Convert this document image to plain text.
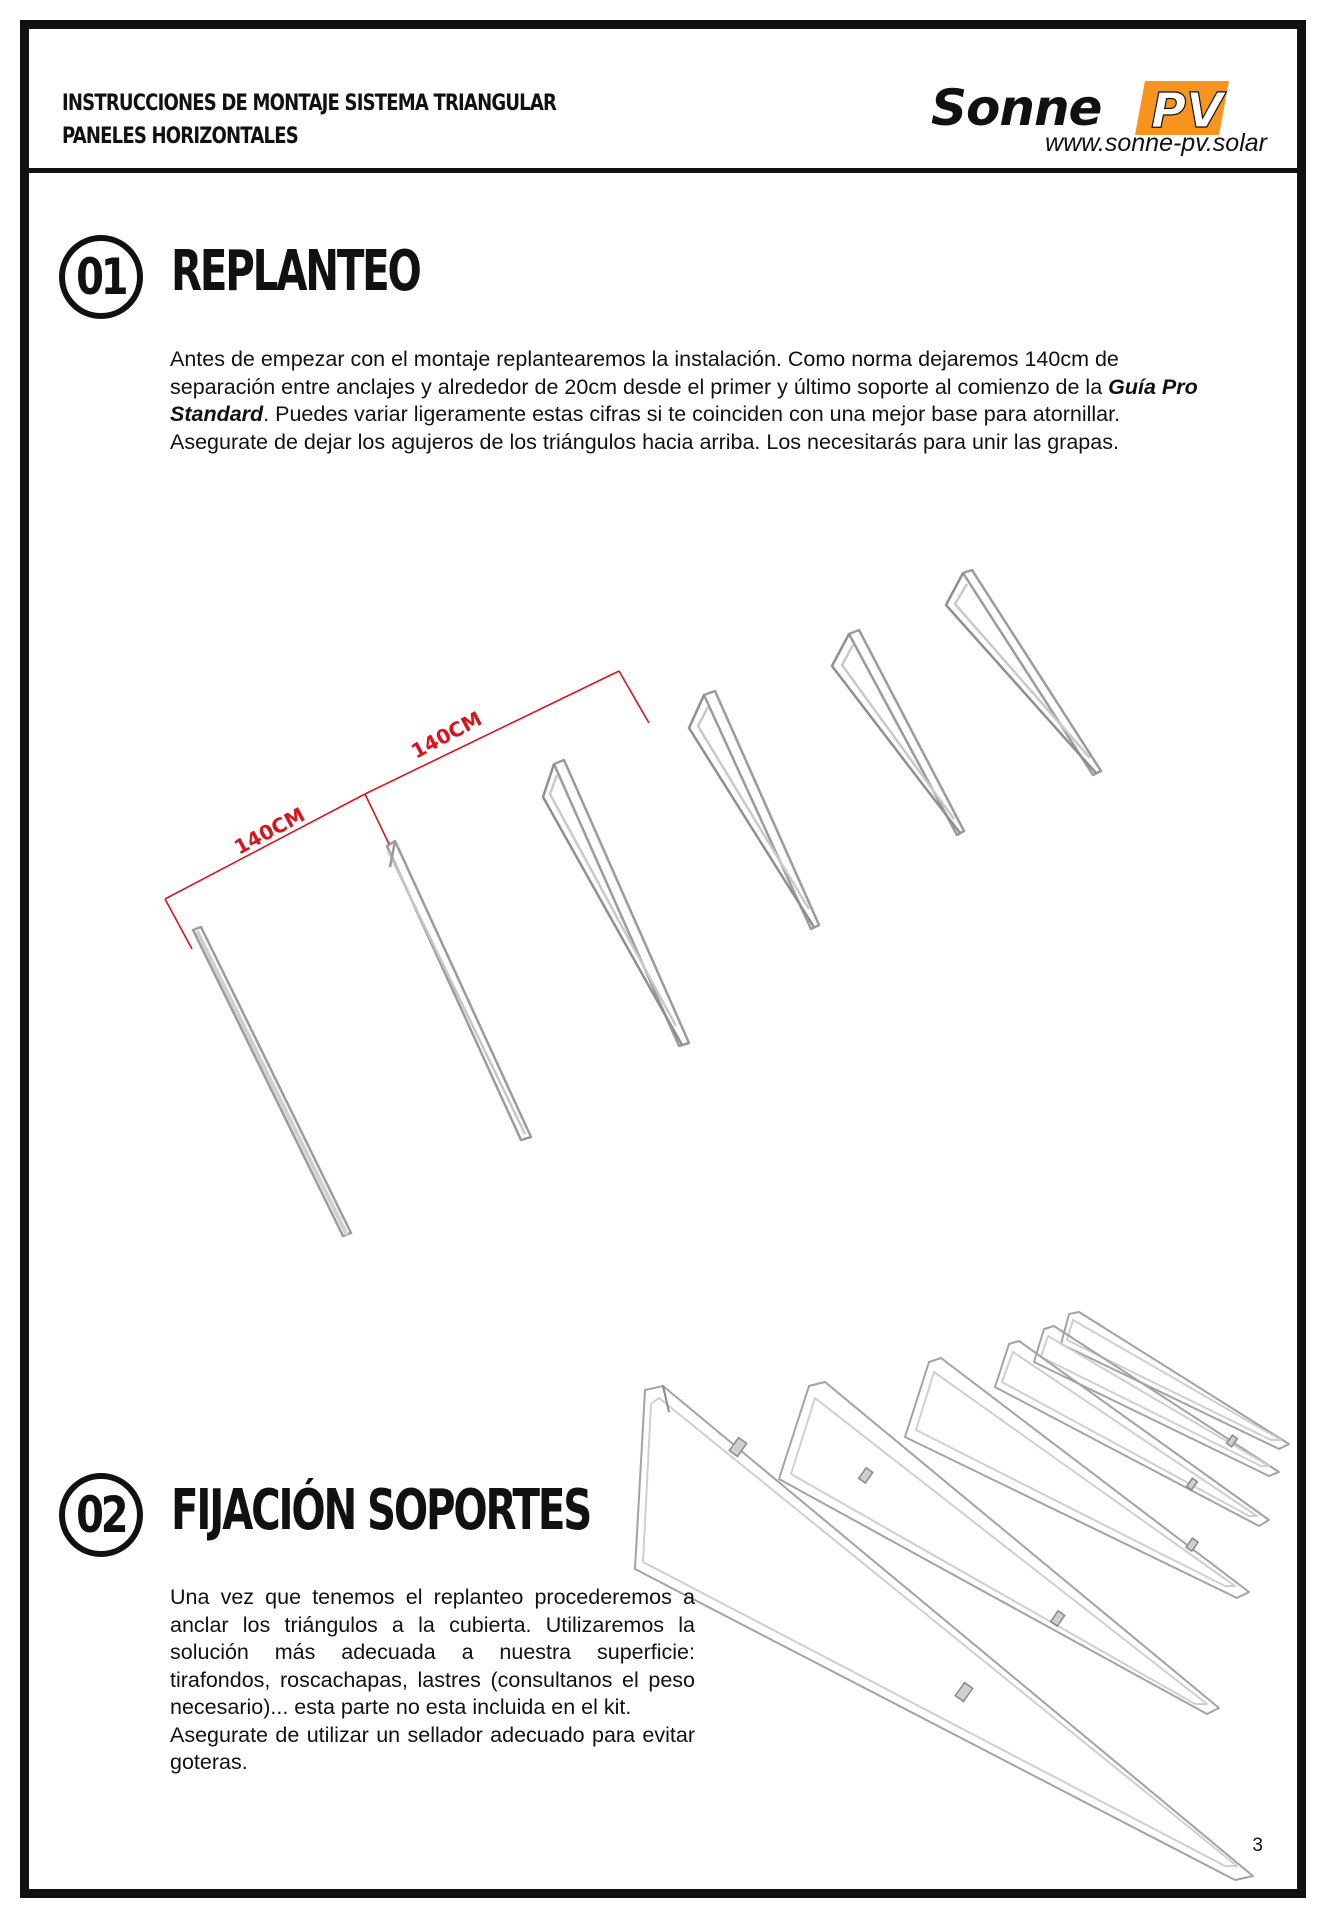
INSTRUCCIONES DE MONTAJE SISTEMA TRIANGULAR
PANELES HORIZONTALES	Sonne PV
www.sonne-pv.solar
01 REPLANTEO

Antes de empezar con el montaje replantearemos la instalación. Como norma dejaremos 140cm de separación entre anclajes y alrededor de 20cm desde el primer y último soporte al comienzo de la Guía Pro Standard. Puedes variar ligeramente estas cifras si te coinciden con una mejor base para atornillar.

Asegurate de dejar los agujeros de los triángulos hacia arriba. Los necesitarás para unir las grapas.

140CM
140CM
02 FIJACIÓN SOPORTES

Una vez que tenemos el replanteo procederemos a anclar los triángulos a la cubierta. Utilizaremos la solución más adecuada a nuestra superficie: tirafondos, roscachapas, lastres (consultanos el peso necesario)... esta parte no esta incluida en el kit.

Asegurate de utilizar un sellador adecuado para evitar goteras.

3
